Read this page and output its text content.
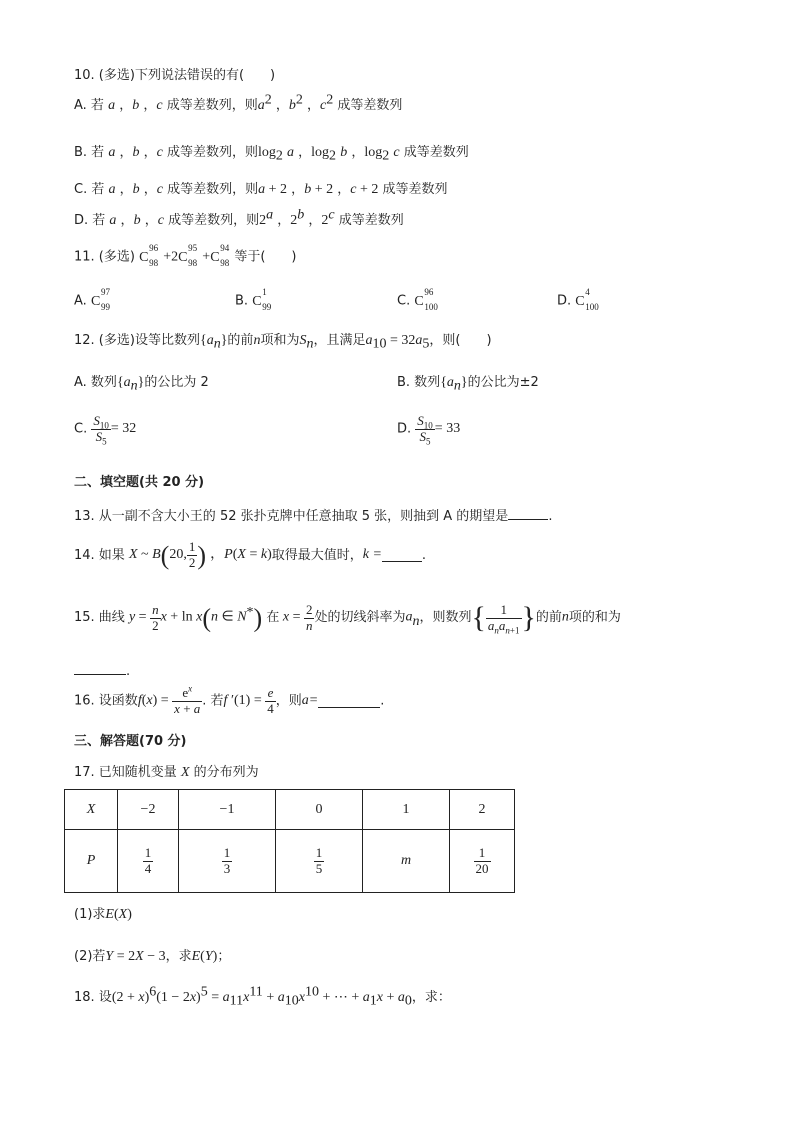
10. (多选)下列说法错误的有(　　)
A. 若 a ，b ，c 成等差数列，则$a^2$ ，$b^2$ ，$c^2$ 成等差数列
B. 若 a ，b ，c 成等差数列，则$\log_2 a$ ，$\log_2 b$ ，$\log_2 c$ 成等差数列
C. 若 a ，b ，c 成等差数列，则a + 2 ，b + 2 ，c + 2 成等差数列
D. 若 a ，b ，c 成等差数列，则2$^a$ ，2$^b$ ，2$^c$ 成等差数列
11. (多选) C
96
98 +2 C
95
98 + C
94
98 等于(　　)
A. C
97
99	B. C
1
99	C. C
96
100	D. C
4
100
12. (多选)设等比数列$\{a_n\}$的前n项和为$S_n$，且满足$a_{10} = 32a_5$，则(　　)
A. 数列$\{a_n\}$的公比为 2	B. 数列$\{a_n\}$的公比为±2
C. $\frac{S_{10}}{S_5} = 32$	D. $\frac{S_{10}}{S_5} = 33$
二、填空题(共 20 分)
13. 从一副不含大小王的 52 张扑克牌中任意抽取 5 张，则抽到 A 的期望是	.
14. 如果 X ~ B(20, $\frac{1}{2}$ ) ，P(X = k)取得最大值时，k =	.
15. 曲线 $y = \frac{n}{2}$ x + ln x(n ∈ N*) 在 $x = \frac{2}{n}$ 处的切线斜率为$a_n$，则数列{ $\frac{1}{a_na_{n+1}}$ }的前n项的和为
.
16. 设函数$f(x) = \frac{e^x}{x + a}$ . 若f $'(1) = \frac{e}{4}$ ，则a=	.
三、解答题(70 分)
17. 已知随机变量 X 的分布列为
X	−2	−1	0	1	2
P	$\frac{1}{4}$	$\frac{1}{3}$	$\frac{1}{5}$	m	$\frac{1}{20}$
(1)求E(X)
(2)若Y = 2X − 3，求E(Y)；
18. 设$(2 + x)^6(1 - 2x)^5 = a_{11}x^{11} + a_{10}x^{10}$ + ⋯ + $a_1x + a_0$，求：
